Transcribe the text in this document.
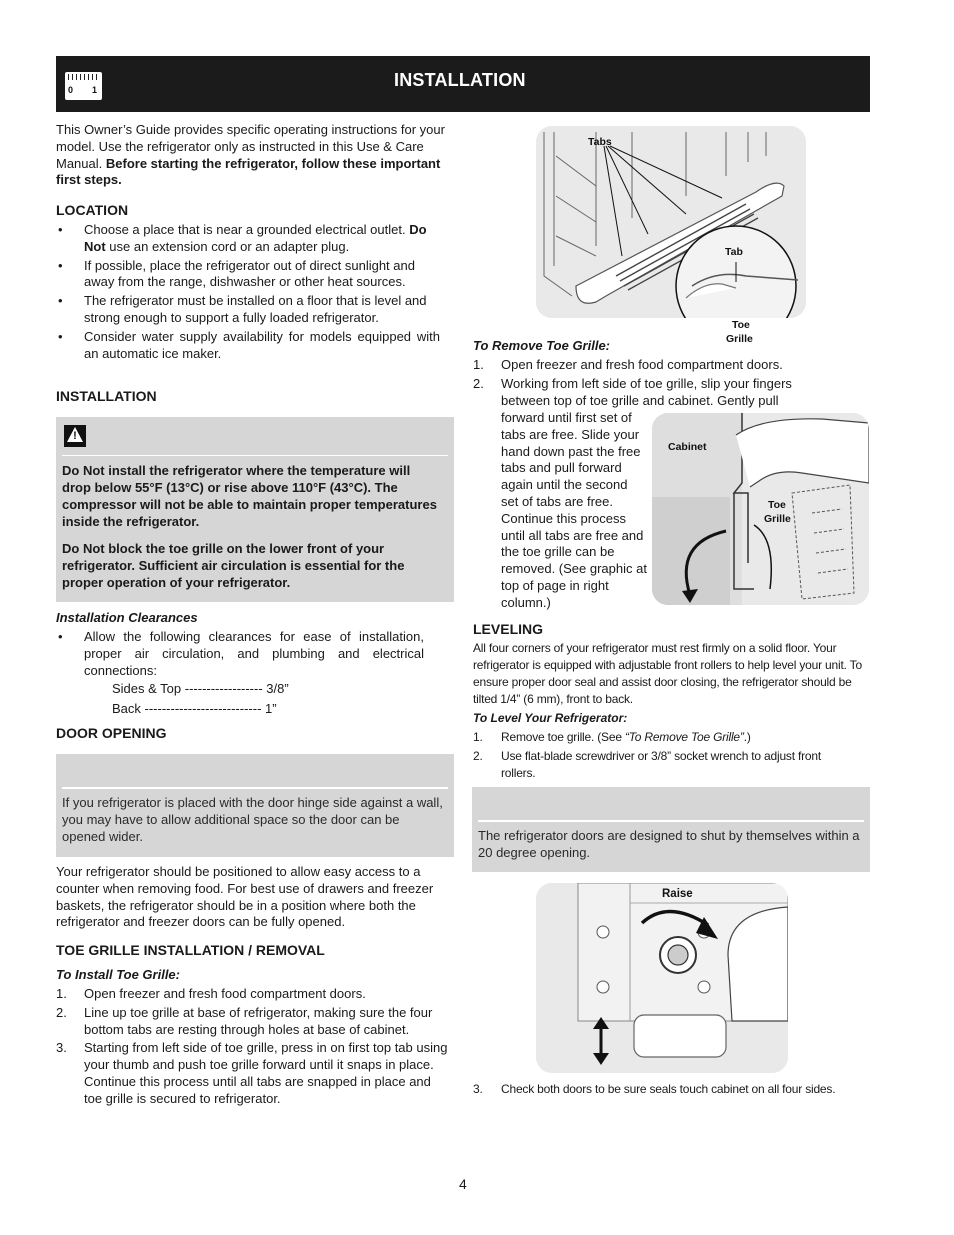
0 1	INSTALLATION

This Owner’s Guide provides specific operating instructions for your model. Use the refrigerator only as instructed in this Use & Care Manual. Before starting the refrigerator, follow these important first steps.

LOCATION
• Choose a place that is near a grounded electrical outlet. Do Not use an extension cord or an adapter plug.
• If possible, place the refrigerator out of direct sunlight and away from the range, dishwasher or other heat sources.
• The refrigerator must be installed on a floor that is level and strong enough to support a fully loaded refrigerator.
• Consider water supply availability for models equipped with an automatic ice maker.
INSTALLATION
!

Do Not install the refrigerator where the temperature will drop below 55°F (13°C) or rise above 110°F (43°C). The compressor will not be able to maintain proper temperatures inside the refrigerator.

Do Not block the toe grille on the lower front of your refrigerator. Sufficient air circulation is essential for the proper operation of your refrigerator.

Installation Clearances
• Allow the following clearances for ease of installation, proper air circulation, and plumbing and electrical connections:
Sides & Top ------------------ 3/8”
Back --------------------------- 1”
DOOR OPENING

If you refrigerator is placed with the door hinge side against a wall, you may have to allow additional space so the door can be opened wider.

Your refrigerator should be positioned to allow easy access to a counter when removing food. For best use of drawers and freezer baskets, the refrigerator should be in a position where both the refrigerator and freezer doors can be fully opened.
TOE GRILLE INSTALLATION / REMOVAL
To Install Toe Grille:
1. Open freezer and fresh food compartment doors.
2. Line up toe grille at base of refrigerator, making sure the four bottom tabs are resting through holes at base of cabinet.
3. Starting from left side of toe grille, press in on first top tab using your thumb and push toe grille forward until it snaps in place. Continue this process until all tabs are snapped in place and toe grille is secured to refrigerator.
Tabs
Tab
Toe
Grille
To Remove Toe Grille:
1. Open freezer and fresh food compartment doors.
2. Working from left side of toe grille, slip your fingers between top of toe grille and cabinet. Gently pull
forward until first set of tabs are free. Slide your hand down past the free tabs and pull forward again until the second set of tabs are free. Continue this process until all tabs are free and the toe grille can be removed. (See graphic at top of page in right column.)
Cabinet
Toe
Grille
LEVELING
All four corners of your refrigerator must rest firmly on a solid floor. Your refrigerator is equipped with adjustable front rollers to help level your unit. To ensure proper door seal and assist door closing, the refrigerator should be tilted 1/4” (6 mm), front to back.
To Level Your Refrigerator:
1. Remove toe grille. (See “To Remove Toe Grille”.)
2. Use flat-blade screwdriver or 3/8” socket wrench to adjust front rollers.

The refrigerator doors are designed to shut by themselves within a 20 degree opening.

Raise
3. Check both doors to be sure seals touch cabinet on all four sides.
4
